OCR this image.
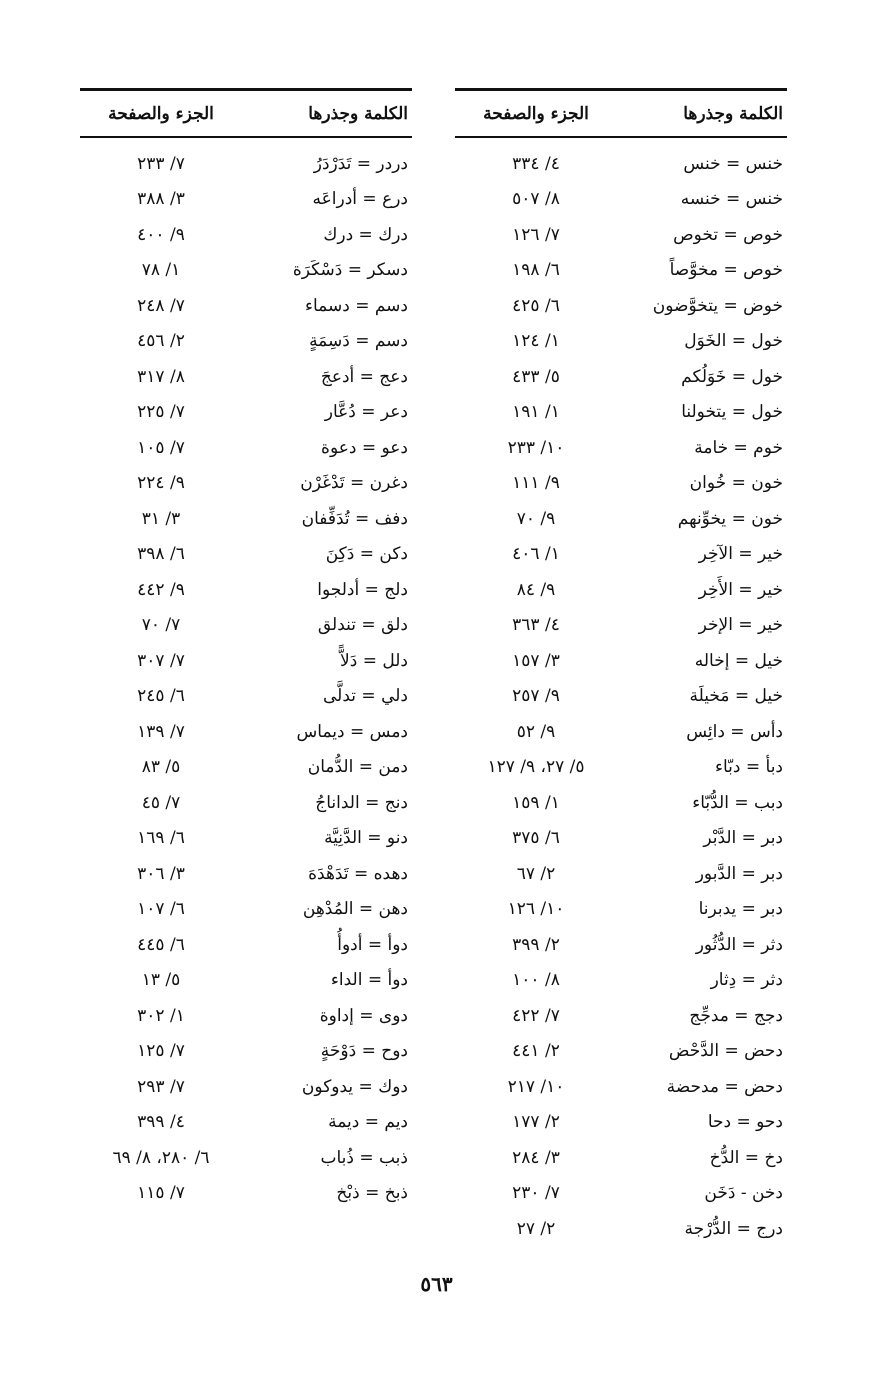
الكلمة وجذرها
الجزء والصفحة
خنس = خنس
٤/ ٣٣٤
خنس = خنسه
٨/ ٥٠٧
خوص = تخوص
٧/ ١٢٦
خوص = مخوَّصاً
٦/ ١٩٨
خوض = يتخوَّضون
٦/ ٤٢٥
خول = الخَوَل
١/ ١٢٤
خول = خَوَلُكم
٥/ ٤٣٣
خول = يتخولنا
١/ ١٩١
خوم = خامة
١٠/ ٢٣٣
خون = خُوان
٩/ ١١١
خون = يخوِّنهم
٩/ ٧٠
خير = الآخِر
١/ ٤٠٦
خير = الأَخِر
٩/ ٨٤
خير = الإخر
٤/ ٣٦٣
خيل = إخاله
٣/ ١٥٧
خيل = مَخيلَة
٩/ ٢٥٧
دأس = دائِس
٩/ ٥٢
دبأ = دبّاء
٥/ ٢٧، ٩/ ١٢٧
دبب = الدُّبّاء
١/ ١٥٩
دبر = الدَّبْر
٦/ ٣٧٥
دبر = الدَّبور
٢/ ٦٧
دبر = يدبرنا
١٠/ ١٢٦
دثر = الدُّثُور
٢/ ٣٩٩
دثر = دِثار
٨/ ١٠٠
دجج = مدجِّج
٧/ ٤٢٢
دحض = الدَّحْض
٢/ ٤٤١
دحض = مدحضة
١٠/ ٢١٧
دحو = دحا
٢/ ١٧٧
دخ = الدُّخ
٣/ ٢٨٤
دخن - دَخَن
٧/ ٢٣٠
درج = الدُّرْجة
٢/ ٢٧
الكلمة وجذرها
الجزء والصفحة
دردر = تَدَرْدَرُ
٧/ ٢٣٣
درع = أدراعَه
٣/ ٣٨٨
درك = درك
٩/ ٤٠٠
دسكر = دَسْكَرَة
١/ ٧٨
دسم = دسماء
٧/ ٢٤٨
دسم = دَسِمَةٍ
٢/ ٤٥٦
دعج = أدعجَ
٨/ ٣١٧
دعر = دُعَّار
٧/ ٢٢٥
دعو = دعوة
٧/ ١٠٥
دغرن = تَدْغَرْن
٩/ ٢٢٤
دفف = تُدَفِّفان
٣/ ٣١
دكن = دَكِنَ
٦/ ٣٩٨
دلج = أدلجوا
٩/ ٤٤٢
دلق = تندلق
٧/ ٧٠
دلل = دَلاًّ
٧/ ٣٠٧
دلي = تدلَّى
٦/ ٢٤٥
دمس = ديماس
٧/ ١٣٩
دمن = الدُّمان
٥/ ٨٣
دنج = الداناجُ
٧/ ٤٥
دنو = الدَّنِيَّة
٦/ ١٦٩
دهده = تَدَهْدَهَ
٣/ ٣٠٦
دهن = المُدْهِن
٦/ ١٠٧
دوأ = أدوأُ
٦/ ٤٤٥
دوأ = الداء
٥/ ١٣
دوى = إداوة
١/ ٣٠٢
دوح = دَوْحَةٍ
٧/ ١٢٥
دوك = يدوكون
٧/ ٢٩٣
ديم = ديمة
٤/ ٣٩٩
ذبب = ذُباب
٦/ ٢٨٠، ٨/ ٦٩
ذبخ = ذبْخ
٧/ ١١٥
٥٦٣
